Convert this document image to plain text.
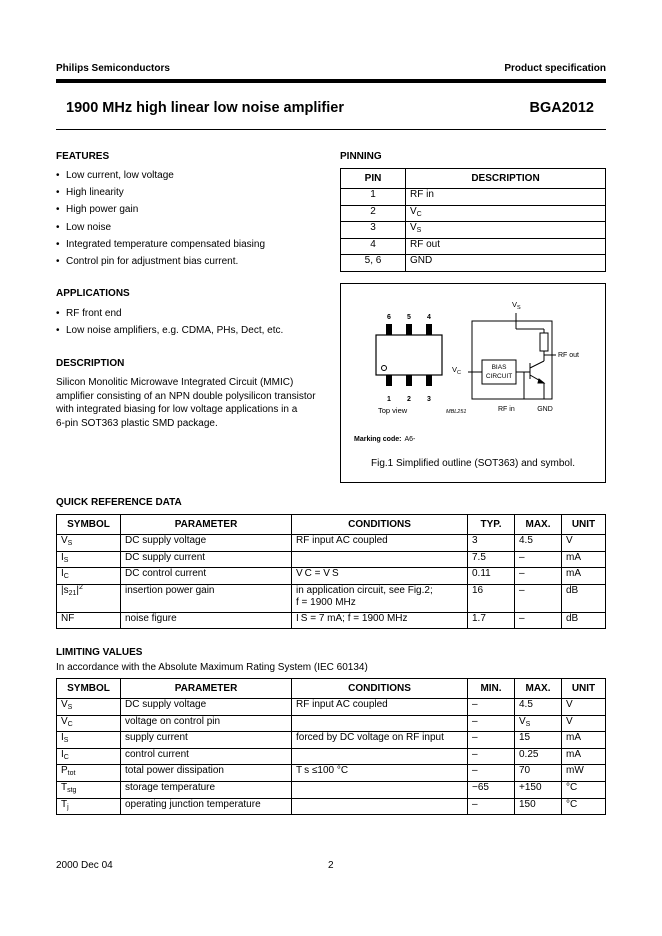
Philips Semiconductors	Product specification
1900 MHz high linear low noise amplifier	BGA2012
FEATURES
• Low current, low voltage
• High linearity
• High power gain
• Low noise
• Integrated temperature compensated biasing
• Control pin for adjustment bias current.
APPLICATIONS
• RF front end
• Low noise amplifiers, e.g. CDMA, PHs, Dect, etc.
DESCRIPTION
Silicon Monolitic Microwave Integrated Circuit (MMIC)
amplifier consisting of an NPN double polysilicon transistor
with integrated biasing for low voltage applications in a
6-pin SOT363 plastic SMD package.
PINNING
PIN	DESCRIPTION
1	RF in
2	$V_C$
3	$V_S$
4	RF out
5, 6	GND
6 5 4
1 2 3
Top view	MBL251
$V_S$
$V_C$
BIAS
CIRCUIT
RF out
RF in	GND
Marking code: A6-
Fig.1 Simplified outline (SOT363) and symbol.
QUICK REFERENCE DATA
SYMBOL	PARAMETER	CONDITIONS	TYP.	MAX.	UNIT
$V_S$	DC supply voltage	RF input AC coupled	3	4.5	V
$I_S$	DC supply current		7.5	–	mA
$I_C$	DC control current	V C = V S	0.11	–	mA
$|s_{21}|^2$	insertion power gain	in application circuit, see Fig.2;
f = 1900 MHz	16	–	dB
NF	noise figure	I S = 7 mA; f = 1900 MHz	1.7	–	dB
LIMITING VALUES
In accordance with the Absolute Maximum Rating System (IEC 60134)
SYMBOL	PARAMETER	CONDITIONS	MIN.	MAX.	UNIT
$V_S$	DC supply voltage	RF input AC coupled	–	4.5	V
$V_C$	voltage on control pin		–	$V_S$	V
$I_S$	supply current	forced by DC voltage on RF input	–	15	mA
$I_C$	control current		–	0.25	mA
$P_{tot}$	total power dissipation	T s ≤100 °C	–	70	mW
$T_{stg}$	storage temperature		−65	+150	°C
$T_j$	operating junction temperature		–	150	°C
2000 Dec 04	2
